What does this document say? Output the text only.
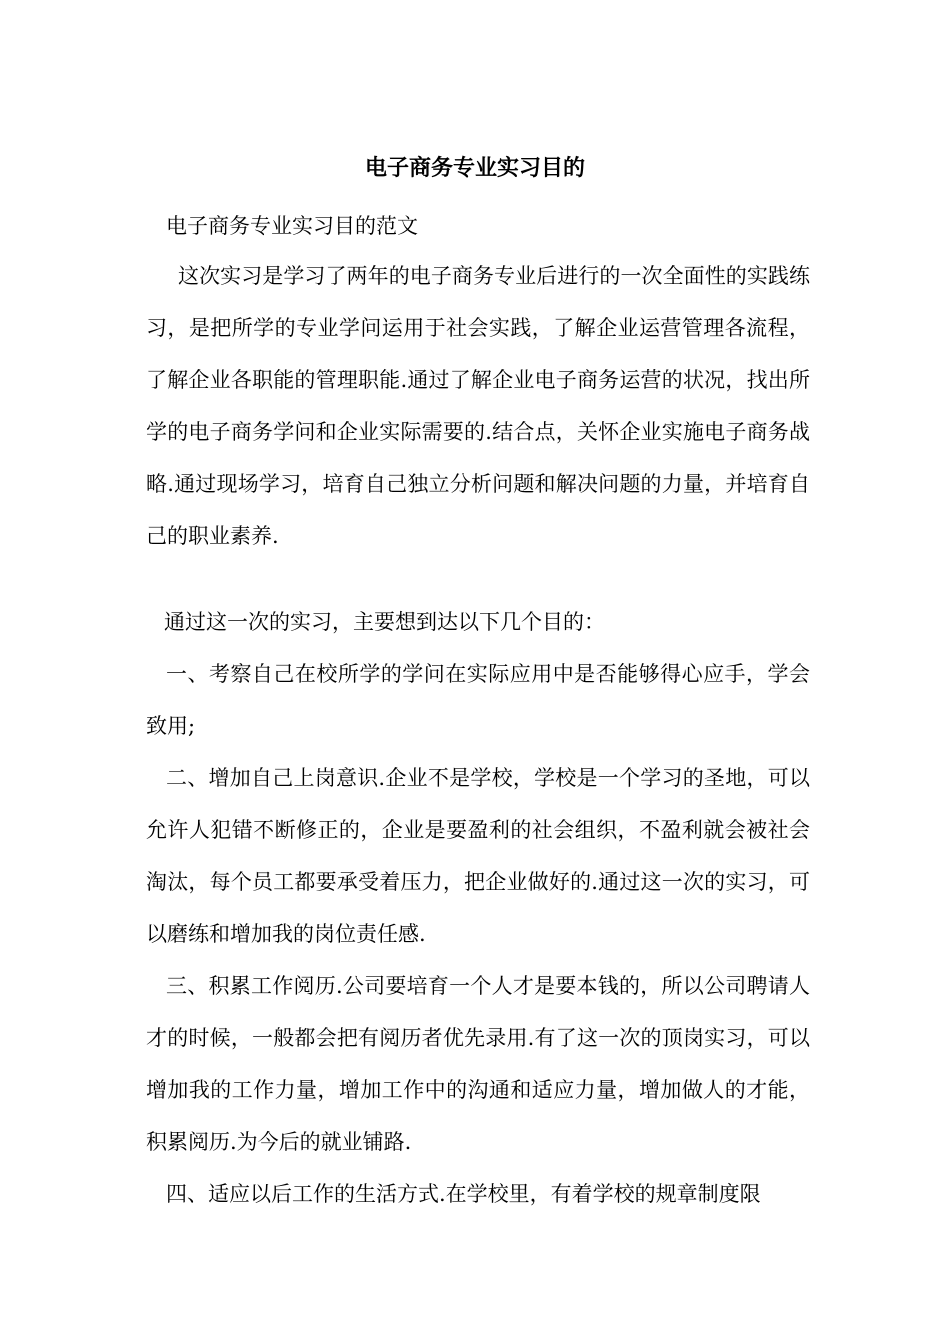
电子商务专业实习目的

电子商务专业实习目的范文

这次实习是学习了两年的电子商务专业后进行的一次全面性的实践练习，是把所学的专业学问运用于社会实践，了解企业运营管理各流程，了解企业各职能的管理职能.通过了解企业电子商务运营的状况，找出所学的电子商务学问和企业实际需要的.结合点，关怀企业实施电子商务战略.通过现场学习，培育自己独立分析问题和解决问题的力量，并培育自己的职业素养.

通过这一次的实习，主要想到达以下几个目的：

一、考察自己在校所学的学问在实际应用中是否能够得心应手，学会致用;

二、增加自己上岗意识.企业不是学校，学校是一个学习的圣地，可以允许人犯错不断修正的，企业是要盈利的社会组织，不盈利就会被社会淘汰，每个员工都要承受着压力，把企业做好的.通过这一次的实习，可以磨练和增加我的岗位责任感.

三、积累工作阅历.公司要培育一个人才是要本钱的，所以公司聘请人才的时候，一般都会把有阅历者优先录用.有了这一次的顶岗实习，可以增加我的工作力量，增加工作中的沟通和适应力量，增加做人的才能，积累阅历.为今后的就业铺路.

四、适应以后工作的生活方式.在学校里，有着学校的规章制度限
